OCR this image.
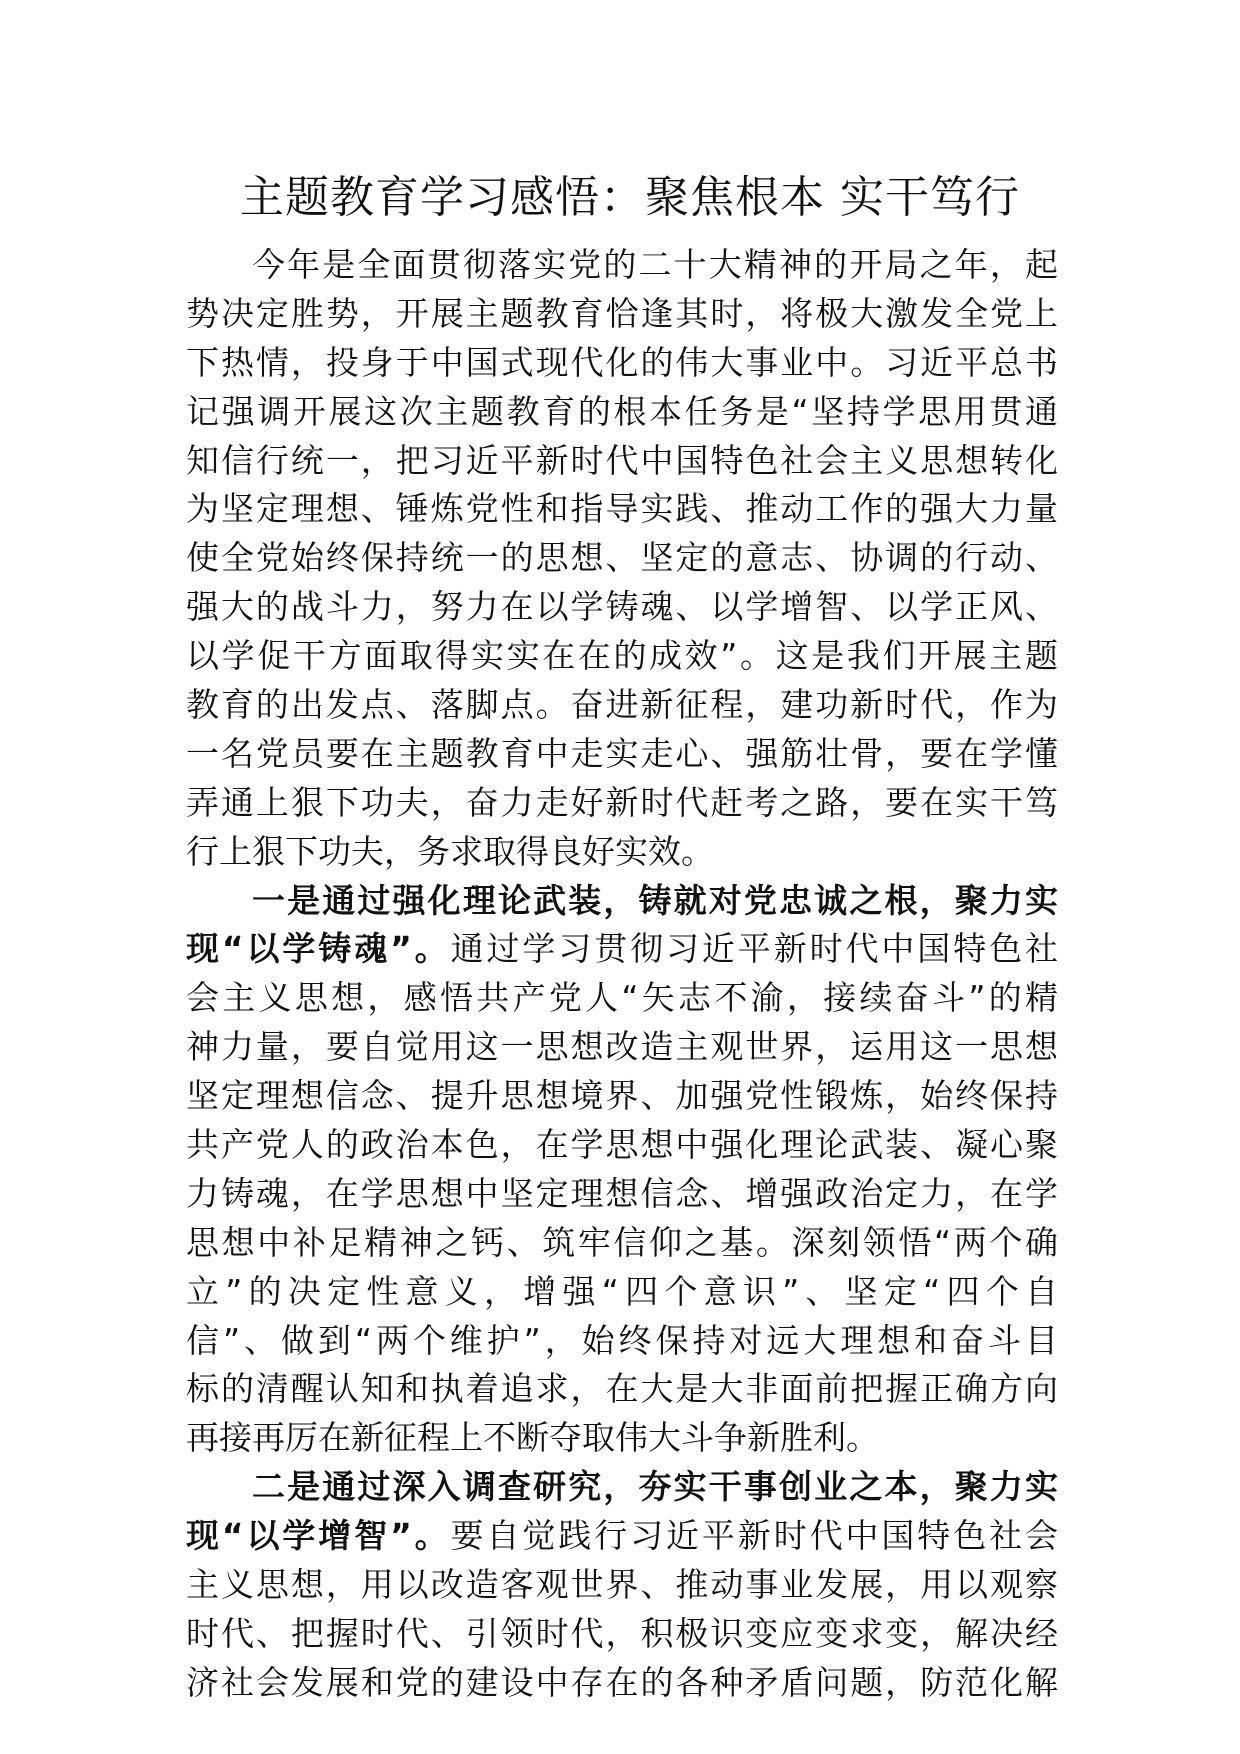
主题教育学习感悟：聚焦根本 实干笃行
今年是全面贯彻落实党的二十大精神的开局之年，起
势决定胜势，开展主题教育恰逢其时，将极大激发全党上
下热情，投身于中国式现代化的伟大事业中。习近平总书
记强调开展这次主题教育的根本任务是“坚持学思用贯通
知信行统一，把习近平新时代中国特色社会主义思想转化
为坚定理想、锤炼党性和指导实践、推动工作的强大力量
使全党始终保持统一的思想、坚定的意志、协调的行动、
强大的战斗力，努力在以学铸魂、以学增智、以学正风、
以学促干方面取得实实在在的成效”。这是我们开展主题
教育的出发点、落脚点。奋进新征程，建功新时代，作为
一名党员要在主题教育中走实走心、强筋壮骨，要在学懂
弄通上狠下功夫，奋力走好新时代赶考之路，要在实干笃
行上狠下功夫，务求取得良好实效。
一是通过强化理论武装，铸就对党忠诚之根，聚力实
现“以学铸魂”。通过学习贯彻习近平新时代中国特色社
会主义思想，感悟共产党人“矢志不渝，接续奋斗”的精
神力量，要自觉用这一思想改造主观世界，运用这一思想
坚定理想信念、提升思想境界、加强党性锻炼，始终保持
共产党人的政治本色，在学思想中强化理论武装、凝心聚
力铸魂，在学思想中坚定理想信念、增强政治定力，在学
思想中补足精神之钙、筑牢信仰之基。深刻领悟“两个确
立”的决定性意义，增强“四个意识”、坚定“四个自
信”、做到“两个维护”，始终保持对远大理想和奋斗目
标的清醒认知和执着追求，在大是大非面前把握正确方向
再接再厉在新征程上不断夺取伟大斗争新胜利。
二是通过深入调查研究，夯实干事创业之本，聚力实
现“以学增智”。要自觉践行习近平新时代中国特色社会
主义思想，用以改造客观世界、推动事业发展，用以观察
时代、把握时代、引领时代，积极识变应变求变，解决经
济社会发展和党的建设中存在的各种矛盾问题，防范化解
